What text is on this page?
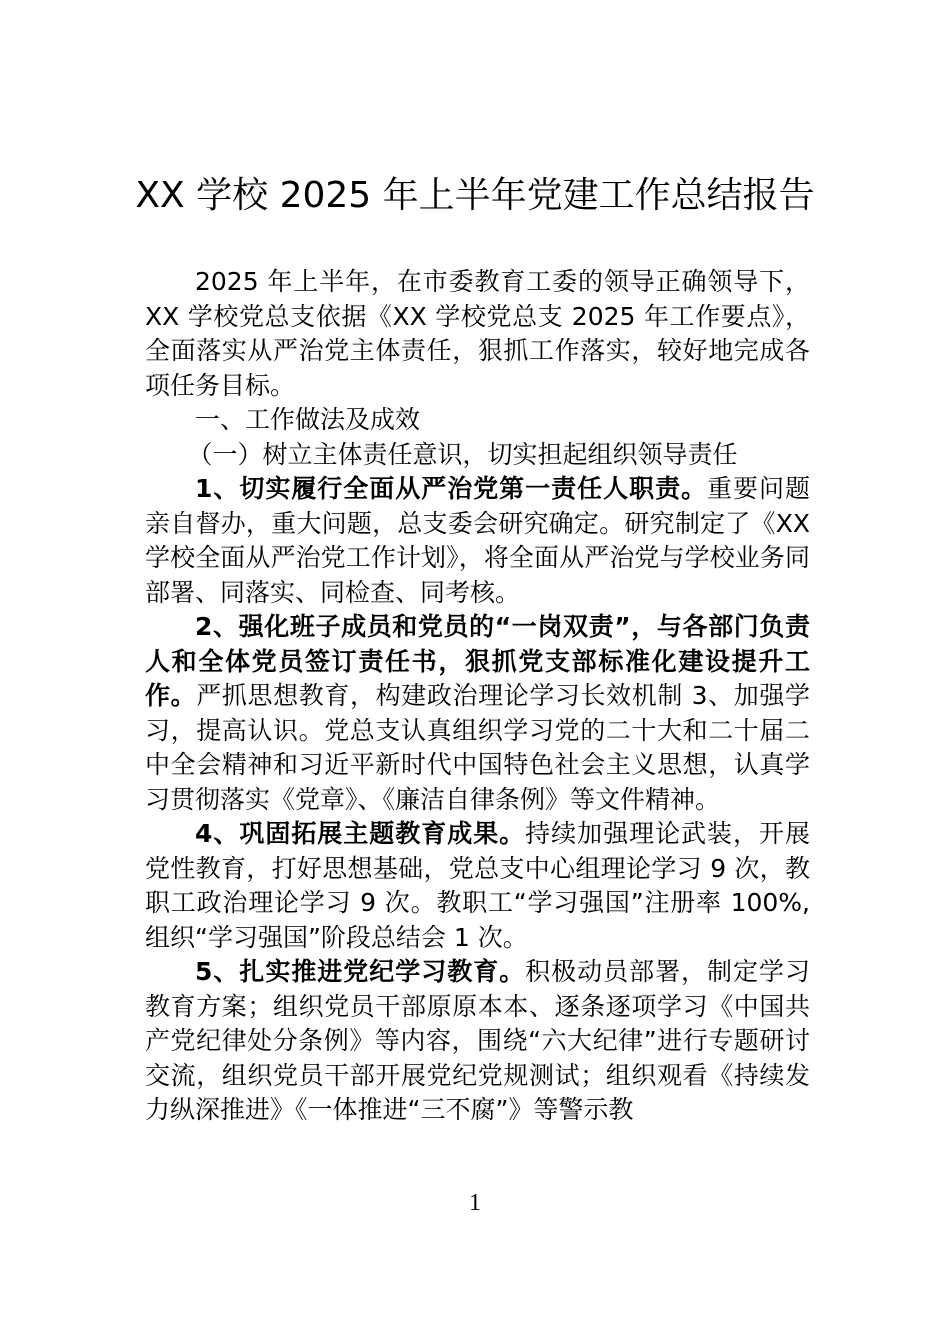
XX 学校 2025 年上半年党建工作总结报告

2025 年上半年，在市委教育工委的领导正确领导下，XX 学校党总支依据《XX 学校党总支 2025 年工作要点》，全面落实从严治党主体责任，狠抓工作落实，较好地完成各项任务目标。

一、工作做法及成效

（一）树立主体责任意识，切实担起组织领导责任

1、切实履行全面从严治党第一责任人职责。重要问题亲自督办，重大问题，总支委会研究确定。研究制定了《XX 学校全面从严治党工作计划》，将全面从严治党与学校业务同部署、同落实、同检查、同考核。

2、强化班子成员和党员的“一岗双责”，与各部门负责人和全体党员签订责任书，狠抓党支部标准化建设提升工作。严抓思想教育，构建政治理论学习长效机制 3、加强学习，提高认识。党总支认真组织学习党的二十大和二十届二中全会精神和习近平新时代中国特色社会主义思想，认真学习贯彻落实《党章》、《廉洁自律条例》等文件精神。

4、巩固拓展主题教育成果。持续加强理论武装，开展党性教育，打好思想基础，党总支中心组理论学习 9 次，教职工政治理论学习 9 次。教职工“学习强国”注册率 100%,组织“学习强国”阶段总结会 1 次。

5、扎实推进党纪学习教育。积极动员部署，制定学习教育方案；组织党员干部原原本本、逐条逐项学习《中国共产党纪律处分条例》等内容，围绕“六大纪律”进行专题研讨交流，组织党员干部开展党纪党规测试；组织观看《持续发力纵深推进》《一体推进“三不腐”》等警示教

1
